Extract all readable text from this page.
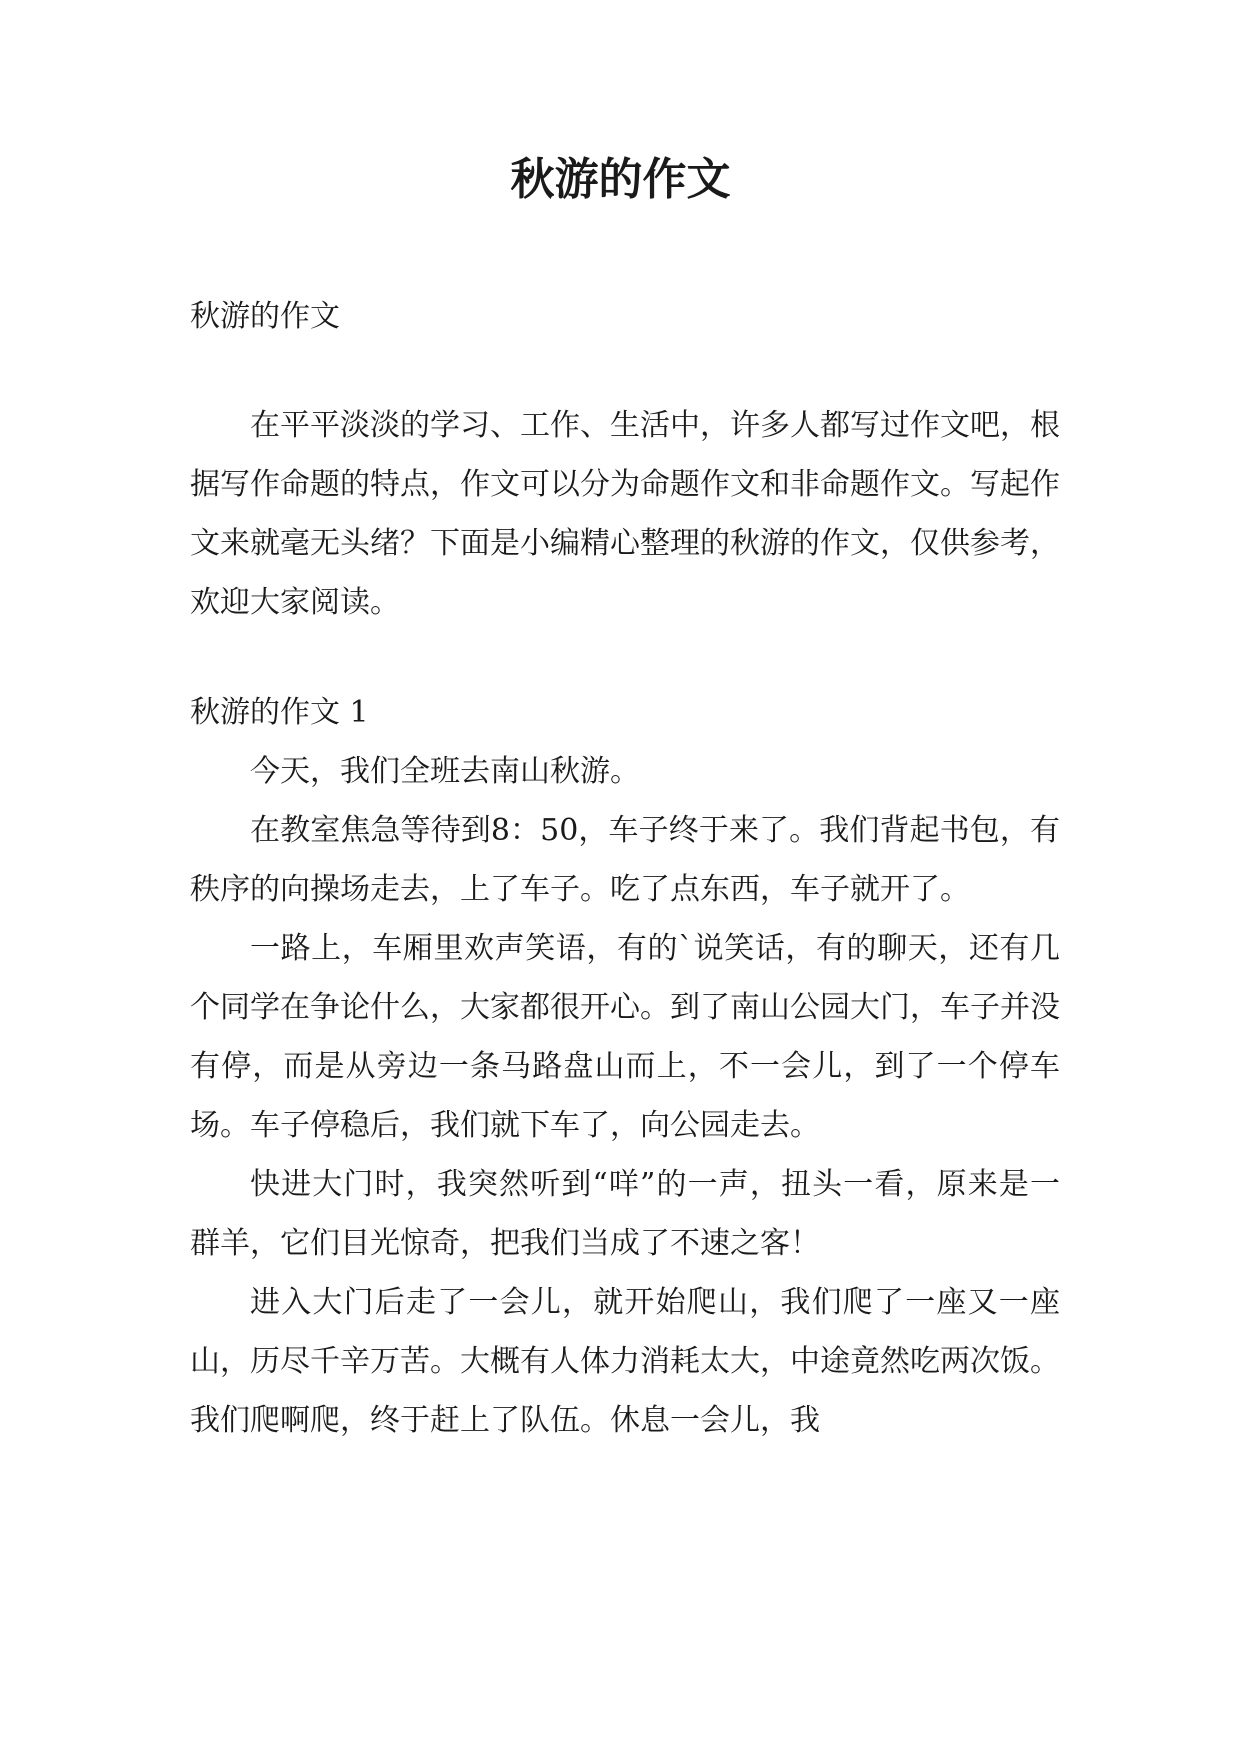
秋游的作文

秋游的作文

在平平淡淡的学习、工作、生活中，许多人都写过作文吧，根据写作命题的特点，作文可以分为命题作文和非命题作文。写起作文来就毫无头绪？下面是小编精心整理的秋游的作文，仅供参考，欢迎大家阅读。

秋游的作文 1

今天，我们全班去南山秋游。

在教室焦急等待到8：50，车子终于来了。我们背起书包，有秩序的向操场走去，上了车子。吃了点东西，车子就开了。

一路上，车厢里欢声笑语，有的`说笑话，有的聊天，还有几个同学在争论什么，大家都很开心。到了南山公园大门，车子并没有停，而是从旁边一条马路盘山而上，不一会儿，到了一个停车场。车子停稳后，我们就下车了，向公园走去。

快进大门时，我突然听到“咩”的一声，扭头一看，原来是一群羊，它们目光惊奇，把我们当成了不速之客！

进入大门后走了一会儿，就开始爬山，我们爬了一座又一座山，历尽千辛万苦。大概有人体力消耗太大，中途竟然吃两次饭。我们爬啊爬，终于赶上了队伍。休息一会儿，我
